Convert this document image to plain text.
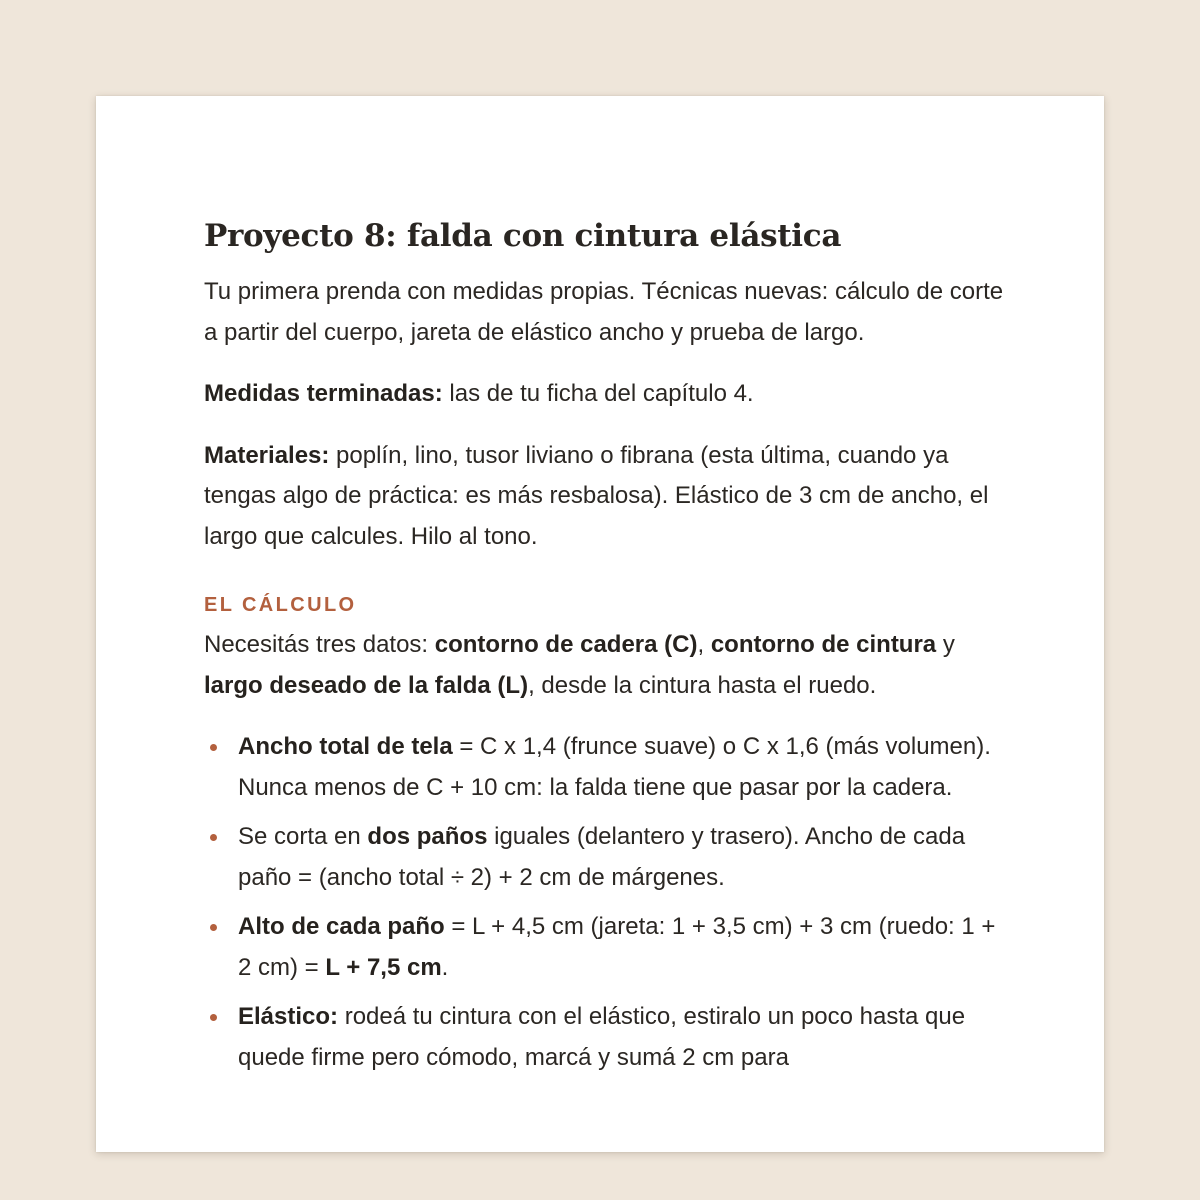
Proyecto 8: falda con cintura elástica

Tu primera prenda con medidas propias. Técnicas nuevas: cálculo de corte a partir del cuerpo, jareta de elástico ancho y prueba de largo.

Medidas terminadas: las de tu ficha del capítulo 4.

Materiales: poplín, lino, tusor liviano o fibrana (esta última, cuando ya tengas algo de práctica: es más resbalosa). Elástico de 3 cm de ancho, el largo que calcules. Hilo al tono.

EL CÁLCULO

Necesitás tres datos: contorno de cadera (C), contorno de cintura y largo deseado de la falda (L), desde la cintura hasta el ruedo.

Ancho total de tela = C x 1,4 (frunce suave) o C x 1,6 (más volumen). Nunca menos de C + 10 cm: la falda tiene que pasar por la cadera.
Se corta en dos paños iguales (delantero y trasero). Ancho de cada paño = (ancho total ÷ 2) + 2 cm de márgenes.
Alto de cada paño = L + 4,5 cm (jareta: 1 + 3,5 cm) + 3 cm (ruedo: 1 + 2 cm) = L + 7,5 cm.
Elástico: rodeá tu cintura con el elástico, estiralo un poco hasta que quede firme pero cómodo, marcá y sumá 2 cm para
